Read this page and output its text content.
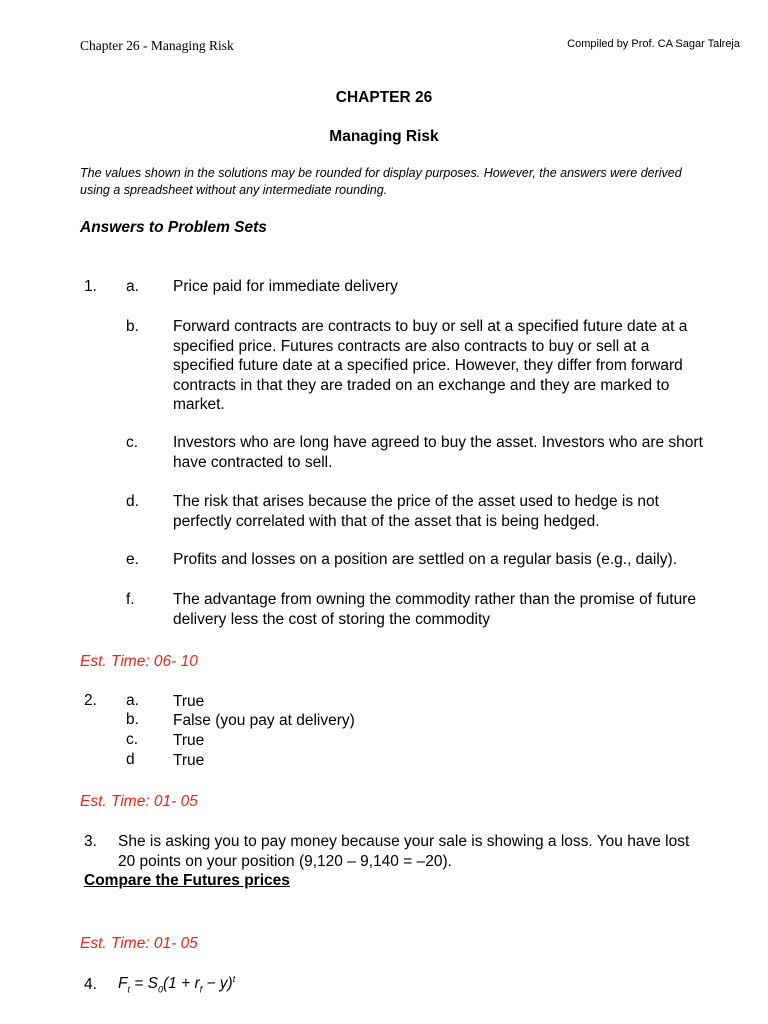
Chapter 26 - Managing Risk	Compiled by Prof. CA Sagar Talreja
CHAPTER 26
Managing Risk
The values shown in the solutions may be rounded for display purposes. However, the answers were derived using a spreadsheet without any intermediate rounding.
Answers to Problem Sets
1. a. Price paid for immediate delivery
b. Forward contracts are contracts to buy or sell at a specified future date at a specified price. Futures contracts are also contracts to buy or sell at a specified future date at a specified price. However, they differ from forward contracts in that they are traded on an exchange and they are marked to market.
c. Investors who are long have agreed to buy the asset. Investors who are short have contracted to sell.
d. The risk that arises because the price of the asset used to hedge is not perfectly correlated with that of the asset that is being hedged.
e. Profits and losses on a position are settled on a regular basis (e.g., daily).
f. The advantage from owning the commodity rather than the promise of future delivery less the cost of storing the commodity
Est. Time: 06- 10
2. a. True
b. False (you pay at delivery)
c. True
d True
Est. Time: 01- 05
3. She is asking you to pay money because your sale is showing a loss. You have lost 20 points on your position (9,120 – 9,140 = –20).
Compare the Futures prices
Est. Time: 01- 05
4. $F_t = S_0(1 + r_f - y)^t$
